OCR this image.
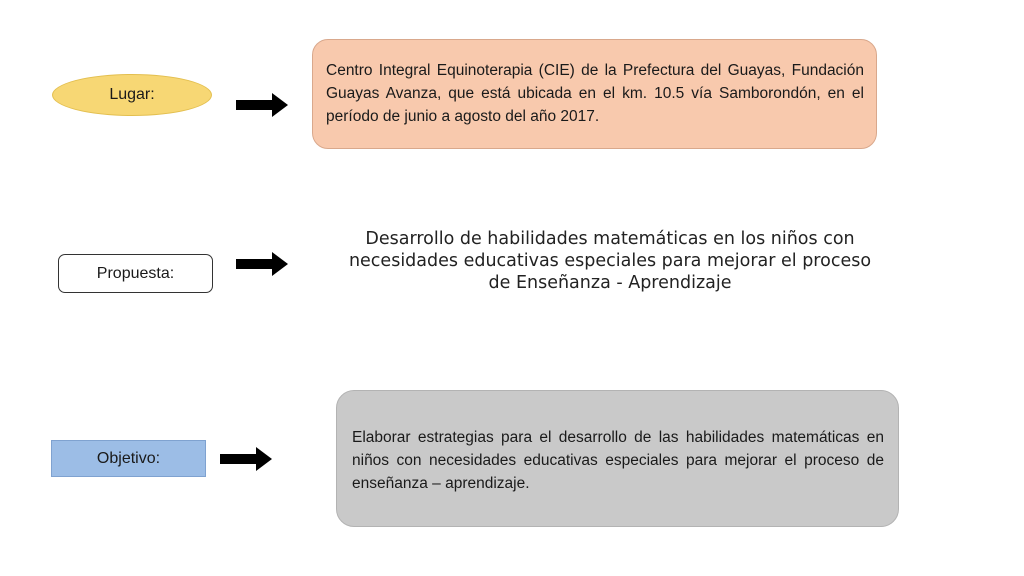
Lugar:
Centro Integral Equinoterapia (CIE) de la Prefectura del Guayas, Fundación Guayas Avanza, que está ubicada en el km. 10.5 vía Samborondón, en el período de junio a agosto del año 2017.
Propuesta:
Desarrollo de habilidades matemáticas en los niños con necesidades educativas especiales para mejorar el proceso de Enseñanza - Aprendizaje
Objetivo:
Elaborar estrategias para el desarrollo de las habilidades matemáticas en niños con necesidades educativas especiales para mejorar el proceso de enseñanza – aprendizaje.
